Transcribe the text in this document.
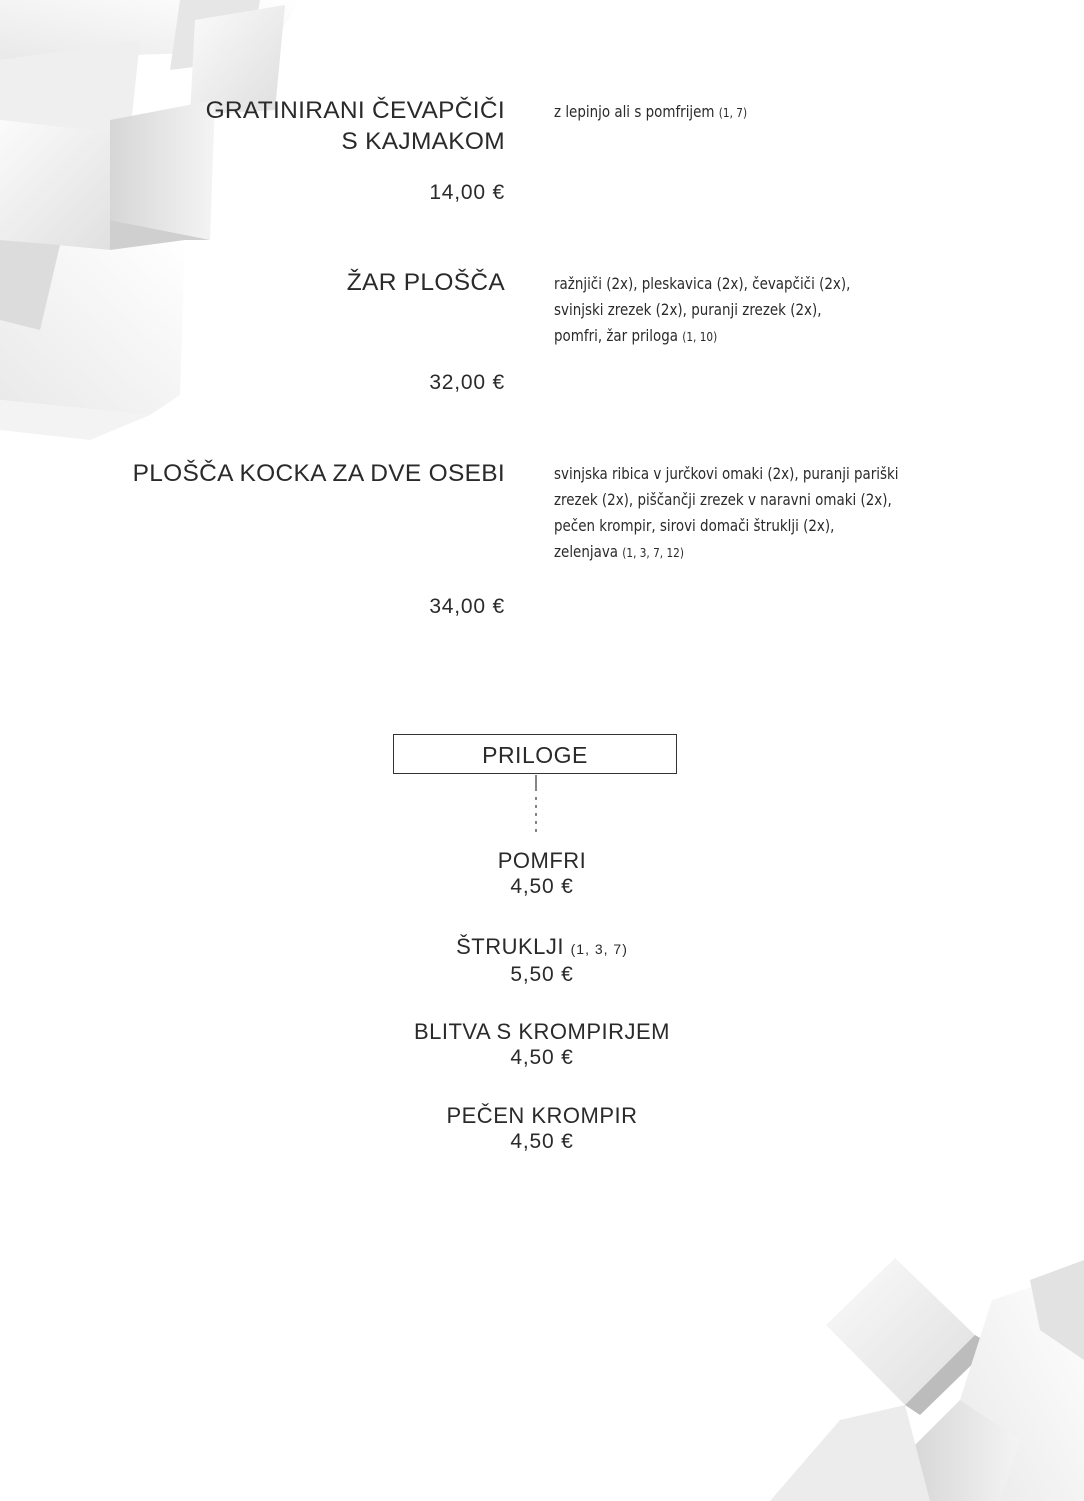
GRATINIRANI ČEVAPČIČI
S KAJMAKOM
z lepinjo ali s pomfrijem (1, 7)
14,00 €
ŽAR PLOŠČA	ražnjiči (2x), pleskavica (2x), čevapčiči (2x),
svinjski zrezek (2x), puranji zrezek (2x),
pomfri, žar priloga (1, 10)
32,00 €
PLOŠČA KOCKA ZA DVE OSEBI	svinjska ribica v jurčkovi omaki (2x), puranji pariški
zrezek (2x), piščančji zrezek v naravni omaki (2x),
pečen krompir, sirovi domači štruklji (2x),
zelenjava (1, 3, 7, 12)
34,00 €
PRILOGE
POMFRI
4,50 €
ŠTRUKLJI (1, 3, 7)
5,50 €
BLITVA S KROMPIRJEM
4,50 €
PEČEN KROMPIR
4,50 €
